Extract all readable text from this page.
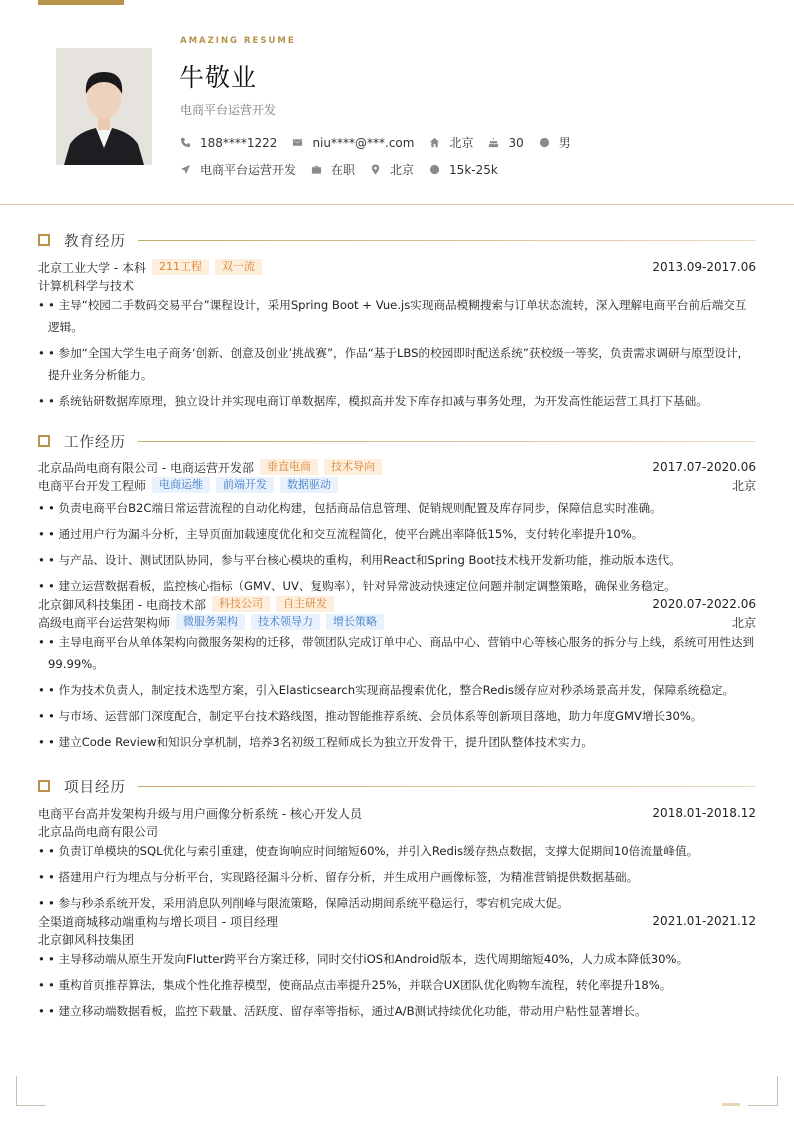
AMAZING RESUME
牛敬业
电商平台运营开发
188****1222	niu****@***.com	北京	30	男
电商平台运营开发	在职	北京	15k-25k
教育经历
北京工业大学 - 本科	211工程	双一流	2013.09-2017.06
计算机科学与技术
• • 主导“校园二手数码交易平台”课程设计，采用Spring Boot + Vue.js实现商品模糊搜索与订单状态流转，深入理解电商平台前后端交互逻辑。
• • 参加“全国大学生电子商务‘创新、创意及创业’挑战赛”，作品“基于LBS的校园即时配送系统”获校级一等奖，负责需求调研与原型设计，提升业务分析能力。
• • 系统钻研数据库原理，独立设计并实现电商订单数据库，模拟高并发下库存扣减与事务处理，为开发高性能运营工具打下基础。
工作经历
北京品尚电商有限公司 - 电商运营开发部	垂直电商	技术导向	2017.07-2020.06
电商平台开发工程师	电商运维	前端开发	数据驱动	北京
• • 负责电商平台B2C端日常运营流程的自动化构建，包括商品信息管理、促销规则配置及库存同步，保障信息实时准确。
• • 通过用户行为漏斗分析，主导页面加载速度优化和交互流程简化，使平台跳出率降低15%，支付转化率提升10%。
• • 与产品、设计、测试团队协同，参与平台核心模块的重构，利用React和Spring Boot技术栈开发新功能，推动版本迭代。
• • 建立运营数据看板，监控核心指标（GMV、UV、复购率），针对异常波动快速定位问题并制定调整策略，确保业务稳定。
北京御风科技集团 - 电商技术部	科技公司	自主研发	2020.07-2022.06
高级电商平台运营架构师	微服务架构	技术领导力	增长策略	北京
• • 主导电商平台从单体架构向微服务架构的迁移，带领团队完成订单中心、商品中心、营销中心等核心服务的拆分与上线，系统可用性达到99.99%。
• • 作为技术负责人，制定技术选型方案，引入Elasticsearch实现商品搜索优化，整合Redis缓存应对秒杀场景高并发，保障系统稳定。
• • 与市场、运营部门深度配合，制定平台技术路线图，推动智能推荐系统、会员体系等创新项目落地，助力年度GMV增长30%。
• • 建立Code Review和知识分享机制，培养3名初级工程师成长为独立开发骨干，提升团队整体技术实力。
项目经历
电商平台高并发架构升级与用户画像分析系统 - 核心开发人员	2018.01-2018.12
北京品尚电商有限公司
• • 负责订单模块的SQL优化与索引重建，使查询响应时间缩短60%，并引入Redis缓存热点数据，支撑大促期间10倍流量峰值。
• • 搭建用户行为埋点与分析平台，实现路径漏斗分析、留存分析，并生成用户画像标签，为精准营销提供数据基础。
• • 参与秒杀系统开发，采用消息队列削峰与限流策略，保障活动期间系统平稳运行，零宕机完成大促。
全渠道商城移动端重构与增长项目 - 项目经理	2021.01-2021.12
北京御风科技集团
• • 主导移动端从原生开发向Flutter跨平台方案迁移，同时交付iOS和Android版本，迭代周期缩短40%，人力成本降低30%。
• • 重构首页推荐算法，集成个性化推荐模型，使商品点击率提升25%，并联合UX团队优化购物车流程，转化率提升18%。
• • 建立移动端数据看板，监控下载量、活跃度、留存率等指标，通过A/B测试持续优化功能，带动用户粘性显著增长。
